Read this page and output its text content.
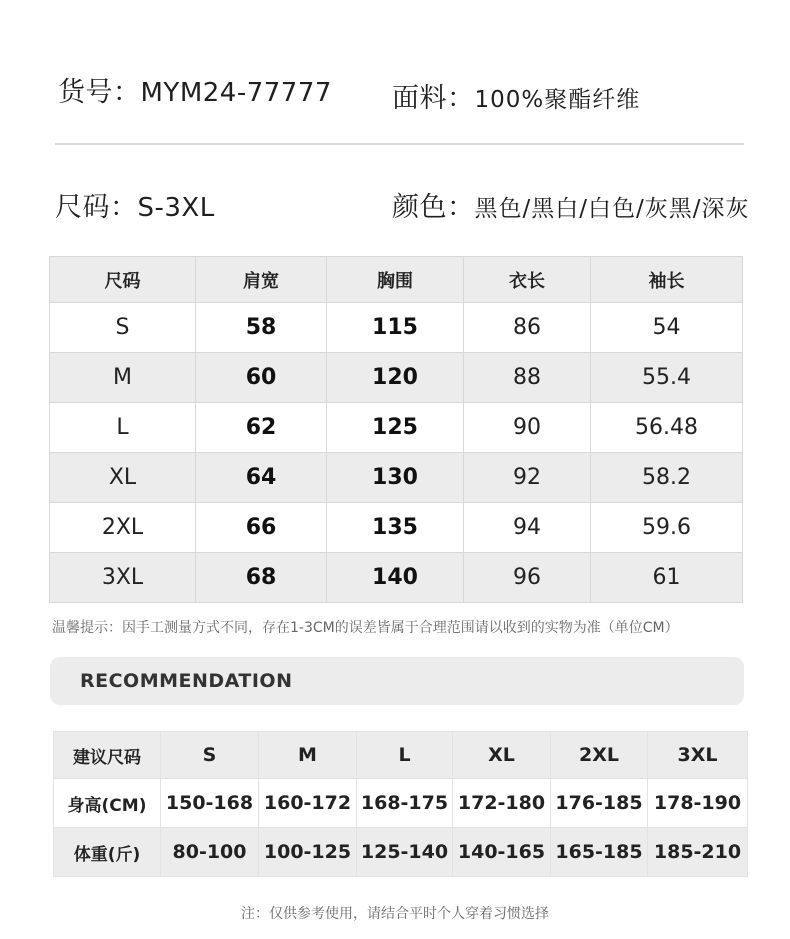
货号：MYM24-77777 面料：100%聚酯纤维
尺码：S-3XL	颜色：黑色/黑白/白色/灰黑/深灰
尺码	肩宽	胸围	衣长	袖长
S	58	115	86	54
M	60	120	88	55.4
L	62	125	90	56.48
XL	64	130	92	58.2
2XL	66	135	94	59.6
3XL	68	140	96	61
温馨提示：因手工测量方式不同，存在1-3CM的误差皆属于合理范围请以收到的实物为准（单位CM）
RECOMMENDATION
建议尺码	S	M	L	XL	2XL	3XL
身高(CM)	150-168	160-172	168-175	172-180	176-185	178-190
体重(斤)	80-100	100-125	125-140	140-165	165-185	185-210
注：仅供参考使用，请结合平时个人穿着习惯选择
